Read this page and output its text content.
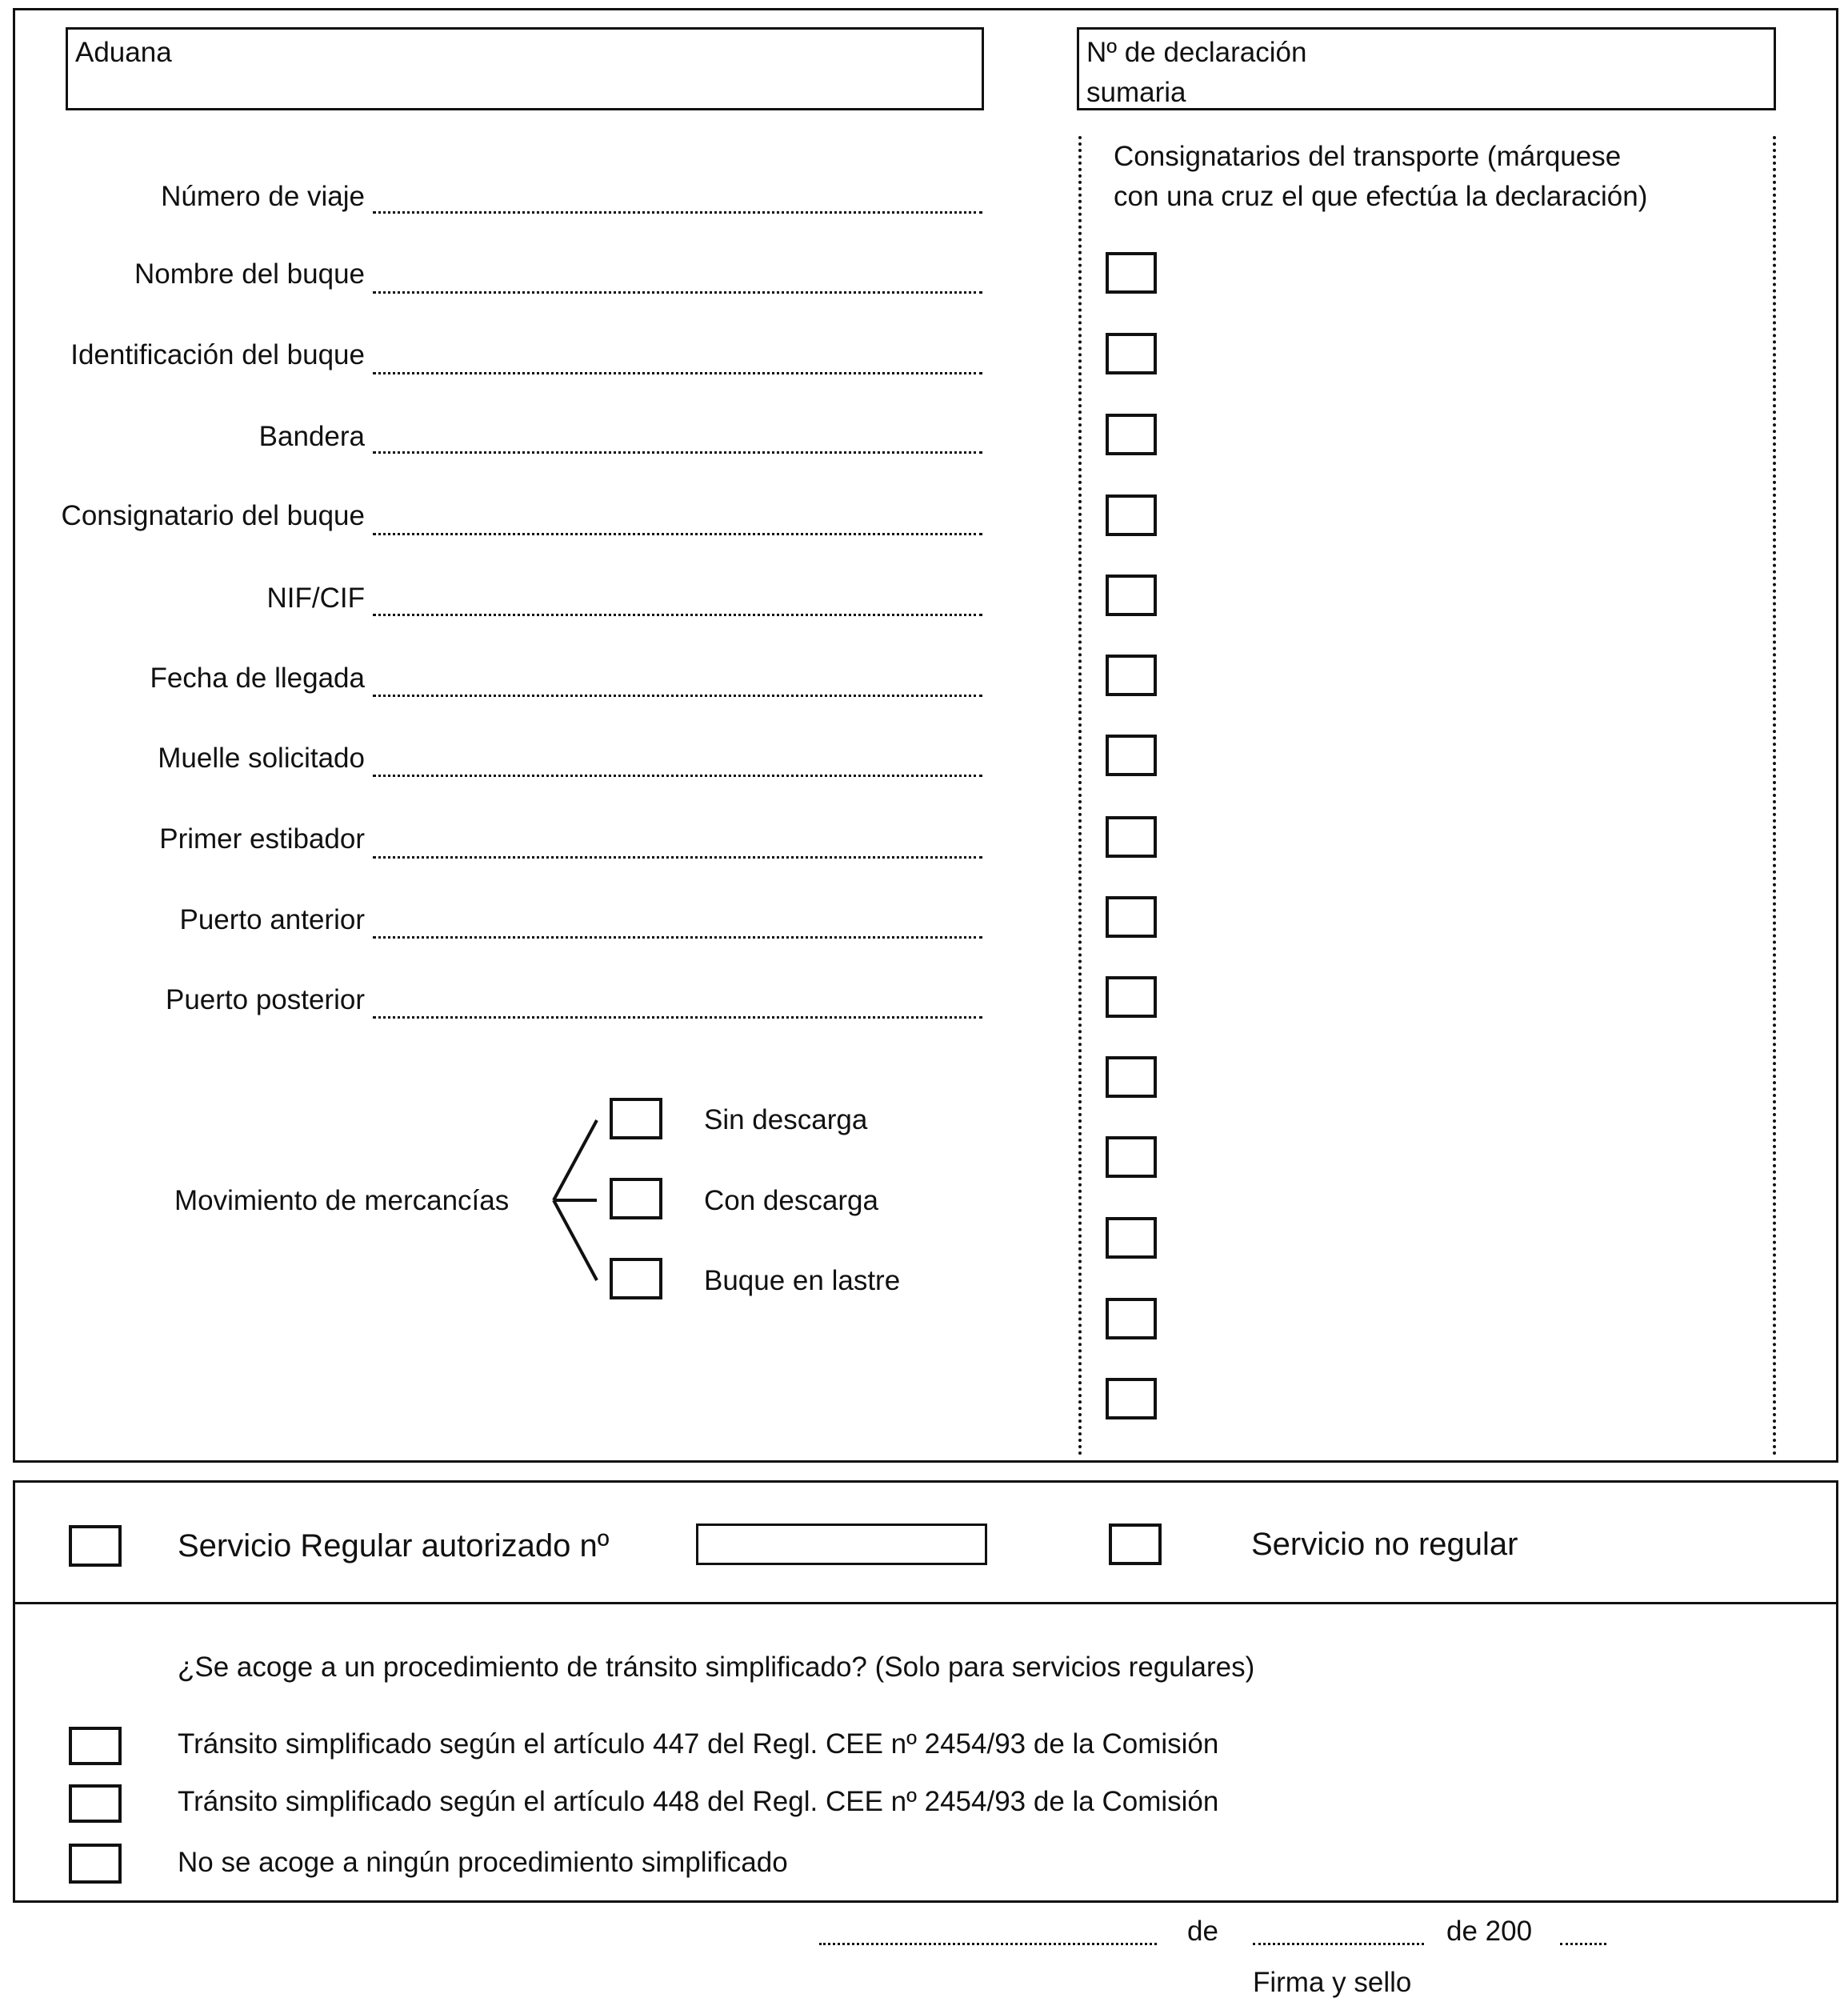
Aduana	Nº de declaración
sumaria
Número de viaje
Nombre del buque
Identificación del buque
Bandera
Consignatario del buque
NIF/CIF
Fecha de llegada
Muelle solicitado
Primer estibador
Puerto anterior
Puerto posterior
Movimiento de mercancías
Sin descarga
Con descarga
Buque en lastre
Consignatarios del transporte (márquese
con una cruz el que efectúa la declaración)
Servicio Regular autorizado nº	Servicio no regular
¿Se acoge a un procedimiento de tránsito simplificado? (Solo para servicios regulares)
Tránsito simplificado según el artículo 447 del Regl. CEE nº 2454/93 de la Comisión
Tránsito simplificado según el artículo 448 del Regl. CEE nº 2454/93 de la Comisión
No se acoge a ningún procedimiento simplificado
de	de 200
Firma y sello
